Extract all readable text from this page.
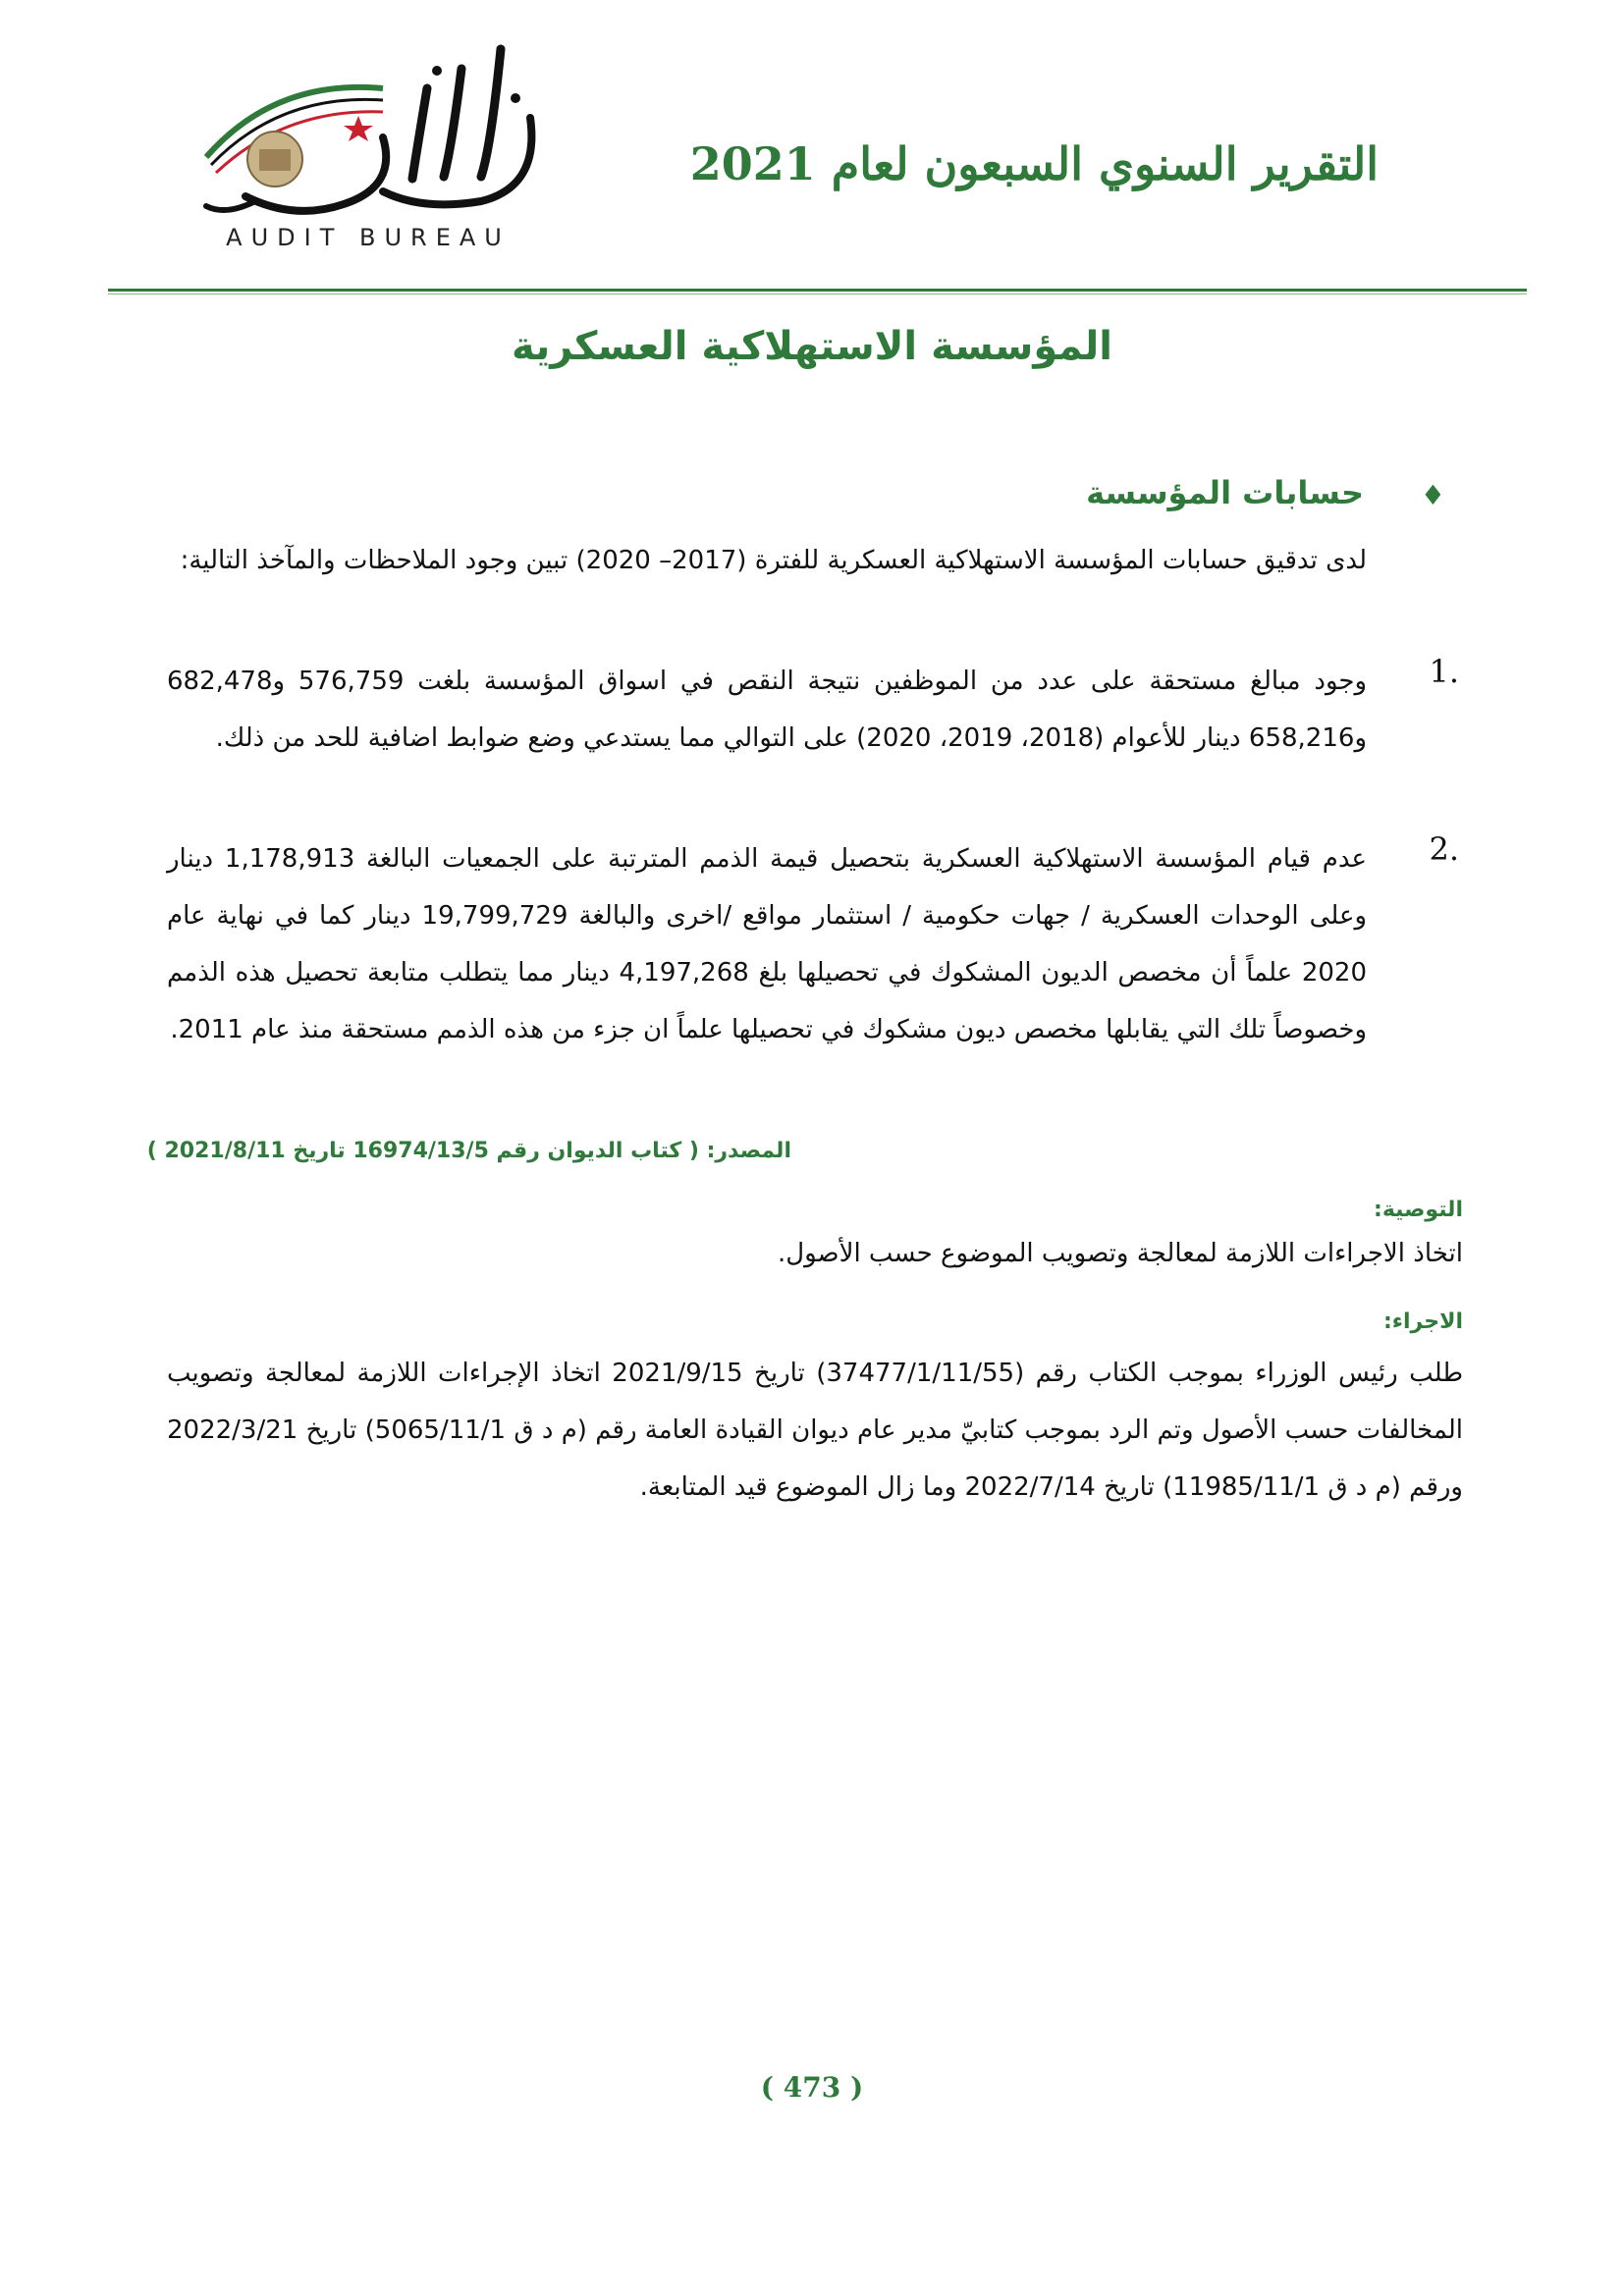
AUDIT BUREAU
التقرير السنوي السبعون لعام 2021
المؤسسة الاستهلاكية العسكرية
♦
حسابات المؤسسة
لدى تدقيق حسابات المؤسسة الاستهلاكية العسكرية للفترة (2017– 2020) تبين وجود الملاحظات والمآخذ التالية:
1.
وجود مبالغ مستحقة على عدد من الموظفين نتيجة النقص في اسواق المؤسسة بلغت 576,759 و682,478 و658,216 دينار للأعوام (2018، 2019، 2020) على التوالي مما يستدعي وضع ضوابط اضافية للحد من ذلك.
2.
عدم قيام المؤسسة الاستهلاكية العسكرية بتحصيل قيمة الذمم المترتبة على الجمعيات البالغة 1,178,913 دينار وعلى الوحدات العسكرية / جهات حكومية / استثمار مواقع /اخرى والبالغة 19,799,729 دينار كما في نهاية عام 2020 علماً أن مخصص الديون المشكوك في تحصيلها بلغ 4,197,268 دينار مما يتطلب متابعة تحصيل هذه الذمم وخصوصاً تلك التي يقابلها مخصص ديون مشكوك في تحصيلها علماً ان جزء من هذه الذمم مستحقة منذ عام 2011.
المصدر: ( كتاب الديوان رقم 16974/13/5 تاريخ 2021/8/11 )
التوصية:
اتخاذ الاجراءات اللازمة لمعالجة وتصويب الموضوع حسب الأصول.
الاجراء:
طلب رئيس الوزراء بموجب الكتاب رقم (37477/1/11/55) تاريخ 2021/9/15 اتخاذ الإجراءات اللازمة لمعالجة وتصويب المخالفات حسب الأصول وتم الرد بموجب كتابيّ مدير عام ديوان القيادة العامة رقم (م د ق 5065/11/1) تاريخ 2022/3/21 ورقم (م د ق 11985/11/1) تاريخ 2022/7/14 وما زال الموضوع قيد المتابعة.
( 473 )
